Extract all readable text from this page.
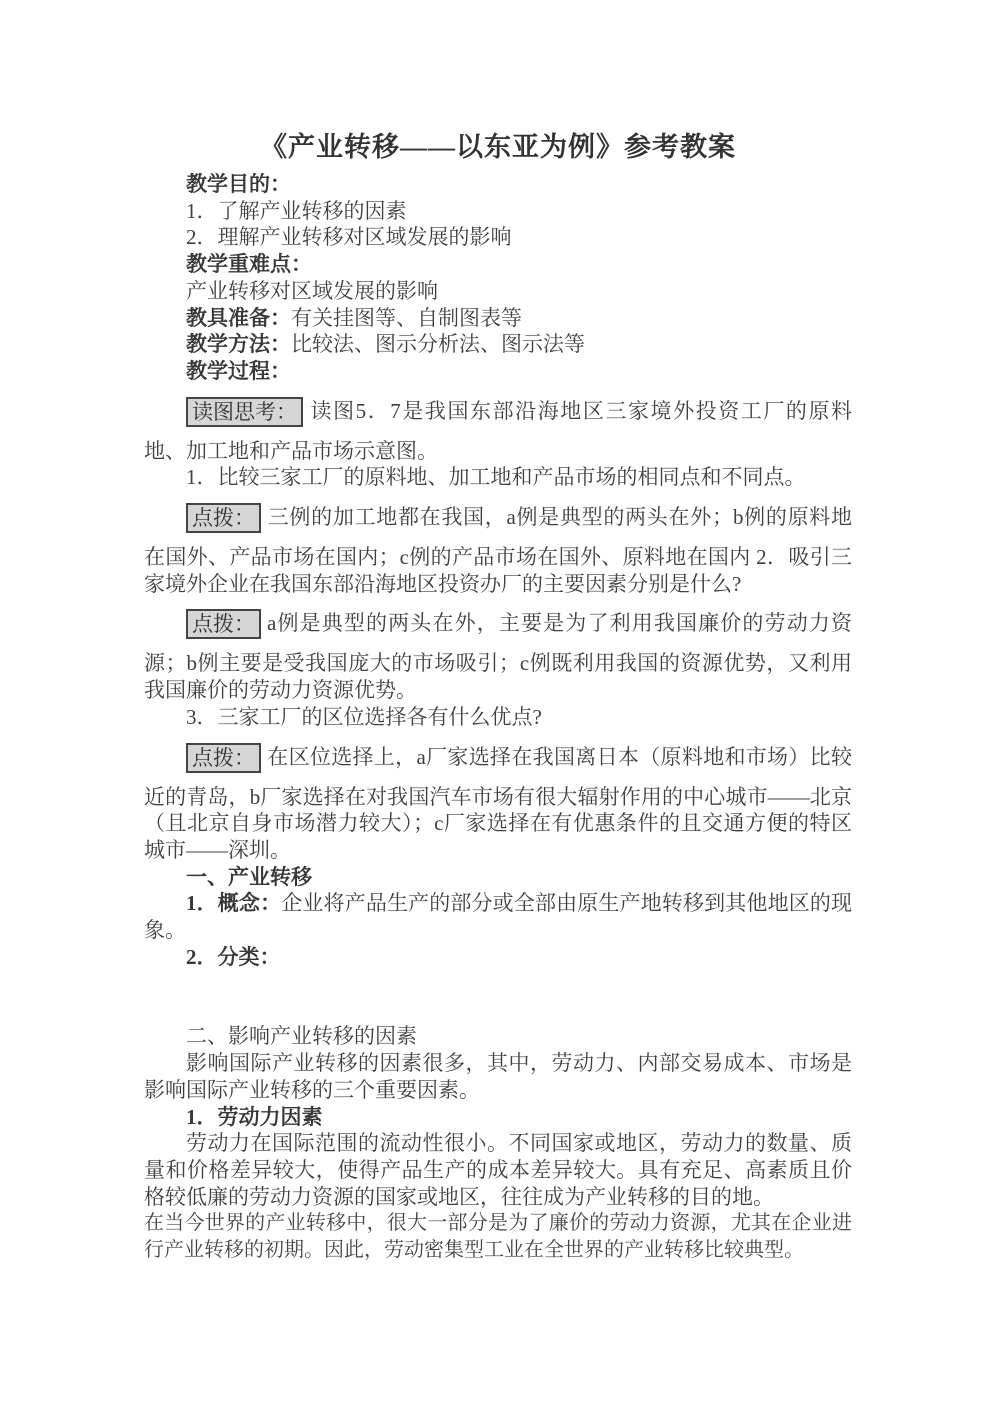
《产业转移——以东亚为例》参考教案

教学目的：

1．了解产业转移的因素

2．理解产业转移对区域发展的影响

教学重难点：

产业转移对区域发展的影响

教具准备：有关挂图等、自制图表等

教学方法：比较法、图示分析法、图示法等

教学过程：

读图思考： 读图5．7是我国东部沿海地区三家境外投资工厂的原料地、加工地和产品市场示意图。

1．比较三家工厂的原料地、加工地和产品市场的相同点和不同点。

点拨： 三例的加工地都在我国，a例是典型的两头在外；b例的原料地在国外、产品市场在国内；c例的产品市场在国外、原料地在国内 2．吸引三家境外企业在我国东部沿海地区投资办厂的主要因素分别是什么?

点拨： a例是典型的两头在外，主要是为了利用我国廉价的劳动力资源；b例主要是受我国庞大的市场吸引；c例既利用我国的资源优势，又利用我国廉价的劳动力资源优势。

3．三家工厂的区位选择各有什么优点?

点拨： 在区位选择上，a厂家选择在我国离日本（原料地和市场）比较近的青岛，b厂家选择在对我国汽车市场有很大辐射作用的中心城市——北京（且北京自身市场潜力较大）；c厂家选择在有优惠条件的且交通方便的特区城市——深圳。

一、产业转移

1．概念：企业将产品生产的部分或全部由原生产地转移到其他地区的现象。

2．分类：

二、影响产业转移的因素

影响国际产业转移的因素很多，其中，劳动力、内部交易成本、市场是影响国际产业转移的三个重要因素。

1．劳动力因素

劳动力在国际范围的流动性很小。不同国家或地区，劳动力的数量、质量和价格差异较大，使得产品生产的成本差异较大。具有充足、高素质且价格较低廉的劳动力资源的国家或地区，往往成为产业转移的目的地。

在当今世界的产业转移中，很大一部分是为了廉价的劳动力资源，尤其在企业进行产业转移的初期。因此，劳动密集型工业在全世界的产业转移比较典型。
